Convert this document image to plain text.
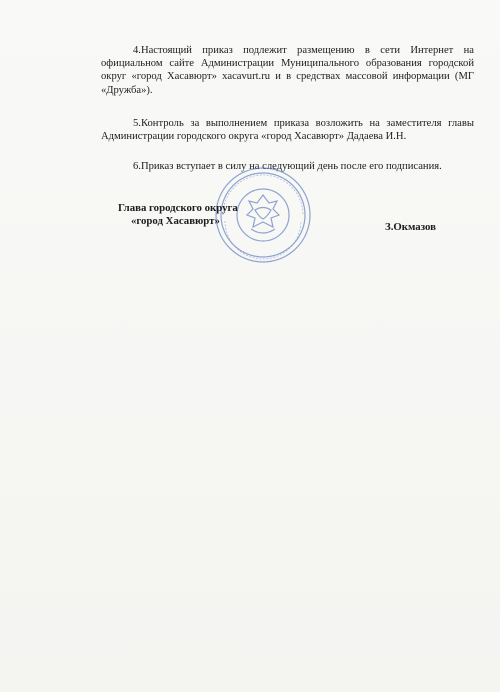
4.Настоящий приказ подлежит размещению в сети Интернет на официальном сайте Администрации Муниципального образования городской округ «город Хасавюрт» xacavurt.ru и в средствах массовой информации (МГ «Дружба»).

5.Контроль за выполнением приказа возложить на заместителя главы Администрации городского округа «город Хасавюрт» Дадаева И.Н.

6.Приказ вступает в силу на следующий день после его подписания.

Глава городского округа

«город Хасавюрт»	З.Окмазов
